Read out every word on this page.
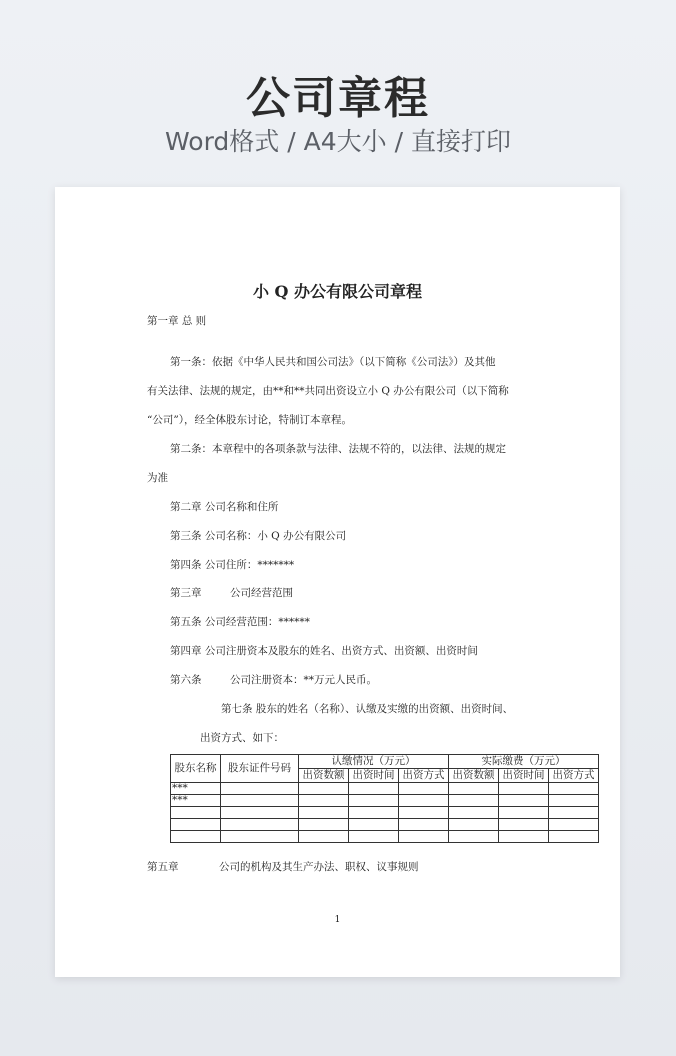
公司章程
Word格式 / A4大小 / 直接打印
小 Q 办公有限公司章程
第一章 总 则
第一条：依据《中华人民共和国公司法》（以下简称《公司法》）及其他
有关法律、法规的规定，由**和**共同出资设立小 Q 办公有限公司（以下简称
“公司”），经全体股东讨论，特制订本章程。
第二条：本章程中的各项条款与法律、法规不符的，以法律、法规的规定
为准
第二章 公司名称和住所
第三条 公司名称：小 Q 办公有限公司
第四条 公司住所：*******
第三章	公司经营范围
第五条 公司经营范围：******
第四章 公司注册资本及股东的姓名、出资方式、出资额、出资时间
第六条	公司注册资本：**万元人民币。
第七条 股东的姓名（名称）、认缴及实缴的出资额、出资时间、
出资方式、如下：
股东名称	股东证件号码	认缴情况（万元）			实际缴费（万元）		
		出资数额	出资时间	出资方式	出资数额	出资时间	出资方式
***							
***							

第五章	公司的机构及其生产办法、职权、议事规则
1
